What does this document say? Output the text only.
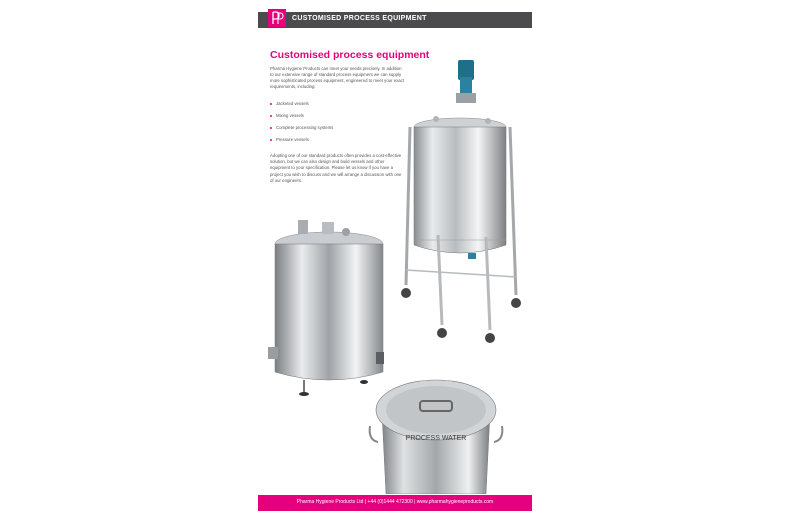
CUSTOMISED PROCESS EQUIPMENT
Customised process equipment

Pharma Hygiene Products can meet your needs precisely. In addition to our extensive range of standard process equipment we can supply more sophisticated process equipment, engineered to meet your exact requirements, including:

Jacketed vessels
Mixing vessels
Complete processing systems
Pressure vessels

Adopting one of our standard products often provides a cost-effective solution, but we can also design and build vessels and other equipment to your specification. Please let us know if you have a project you wish to discuss and we will arrange a discussion with one of our engineers.

PROCESS WATER
Pharma Hygiene Products Ltd | +44 (0)1444 472300 | www.pharmahygieneproducts.com
